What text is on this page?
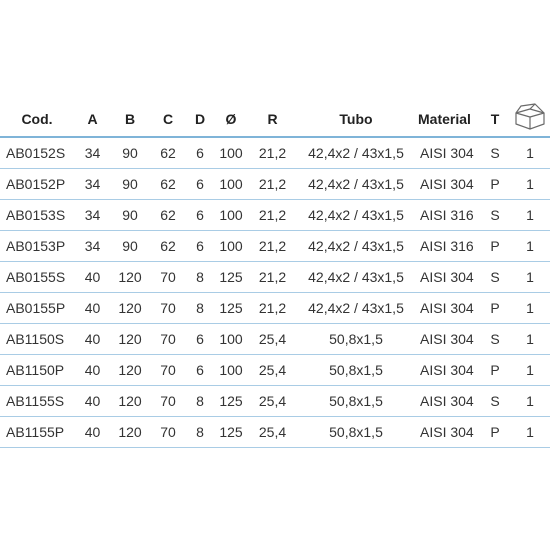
Cod.	A	B	C	D	Ø	R	Tubo	Material	T	
AB0152S	34	90	62	6	100	21,2	42,4x2 / 43x1,5	AISI 304	S	1
AB0152P	34	90	62	6	100	21,2	42,4x2 / 43x1,5	AISI 304	P	1
AB0153S	34	90	62	6	100	21,2	42,4x2 / 43x1,5	AISI 316	S	1
AB0153P	34	90	62	6	100	21,2	42,4x2 / 43x1,5	AISI 316	P	1
AB0155S	40	120	70	8	125	21,2	42,4x2 / 43x1,5	AISI 304	S	1
AB0155P	40	120	70	8	125	21,2	42,4x2 / 43x1,5	AISI 304	P	1
AB1150S	40	120	70	6	100	25,4	50,8x1,5	AISI 304	S	1
AB1150P	40	120	70	6	100	25,4	50,8x1,5	AISI 304	P	1
AB1155S	40	120	70	8	125	25,4	50,8x1,5	AISI 304	S	1
AB1155P	40	120	70	8	125	25,4	50,8x1,5	AISI 304	P	1
